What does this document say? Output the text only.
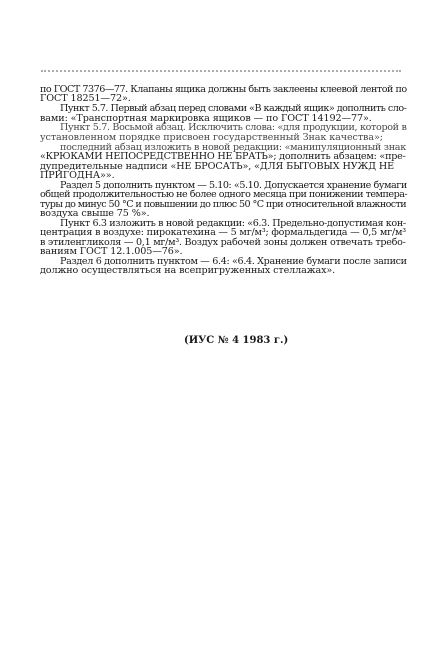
по ГОСТ 7376—77. Клапаны ящика должны быть заклеены клеевой лентой по
ГОСТ 18251—72».
Пункт 5.7. Первый абзац перед словами «В каждый ящик» дополнить сло-
вами: «Транспортная маркировка ящиков — по ГОСТ 14192—77».
Пункт 5.7. Восьмой абзац. Исключить слова: «для продукции, которой в
установленном порядке присвоен государственный Знак качества»;
последний абзац изложить в новой редакции: «манипуляционный знак
«КРЮКАМИ НЕПОСРЕДСТВЕННО НЕ БРАТЬ»; дополнить абзацем: «пре-
дупредительные надписи «НЕ БРОСАТЬ», «ДЛЯ БЫТОВЫХ НУЖД НЕ
ПРИГОДНА»».
Раздел 5 дополнить пунктом — 5.10: «5.10. Допускается хранение бумаги
общей продолжительностью не более одного месяца при понижении темпера-
туры до минус 50 °С и повышении до плюс 50 °С при относительной влажности
воздуха свыше 75 %».
Пункт 6.3 изложить в новой редакции: «6.3. Предельно-допустимая кон-
центрация в воздухе: пирокатехина — 5 мг/м³; формальдегида — 0,5 мг/м³
в этиленгликоля — 0,1 мг/м³. Воздух рабочей зоны должен отвечать требо-
ваниям ГОСТ 12.1.005—76».
Раздел 6 дополнить пунктом — 6.4: «6.4. Хранение бумаги после записи
должно осуществляться на всепригруженных стеллажах».
(ИУС № 4 1983 г.)
